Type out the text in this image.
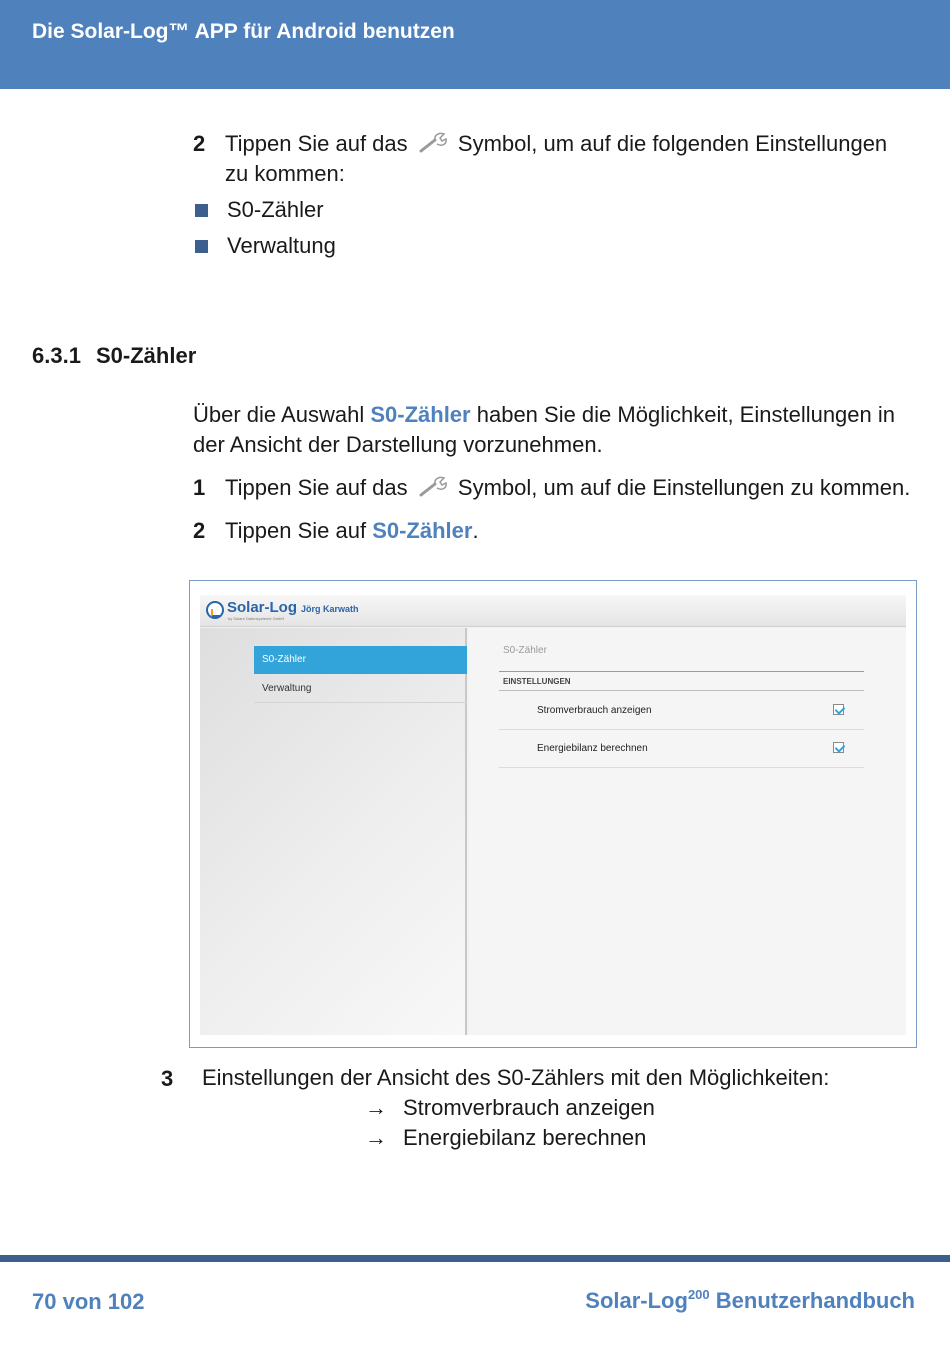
Die Solar-Log™ APP für Android benutzen
2 Tippen Sie auf das Symbol, um auf die folgenden Einstellungen
zu kommen:
S0-Zähler
Verwaltung
6.3.1 S0-Zähler
Über die Auswahl S0-Zähler haben Sie die Möglichkeit, Einstellungen in
der Ansicht der Darstellung vorzunehmen.
1 Tippen Sie auf das Symbol, um auf die Einstellungen zu kommen.
2 Tippen Sie auf S0-Zähler.
Solar-Log
by Solare Datensysteme GmbH
Jörg Karwath
S0-Zähler
Verwaltung
S0-Zähler
EINSTELLUNGEN
Stromverbrauch anzeigen
Energiebilanz berechnen
3 Einstellungen der Ansicht des S0-Zählers mit den Möglichkeiten:
→ Stromverbrauch anzeigen
→ Energiebilanz berechnen
70 von 102	Solar-Log$^{200}$ Benutzerhandbuch
